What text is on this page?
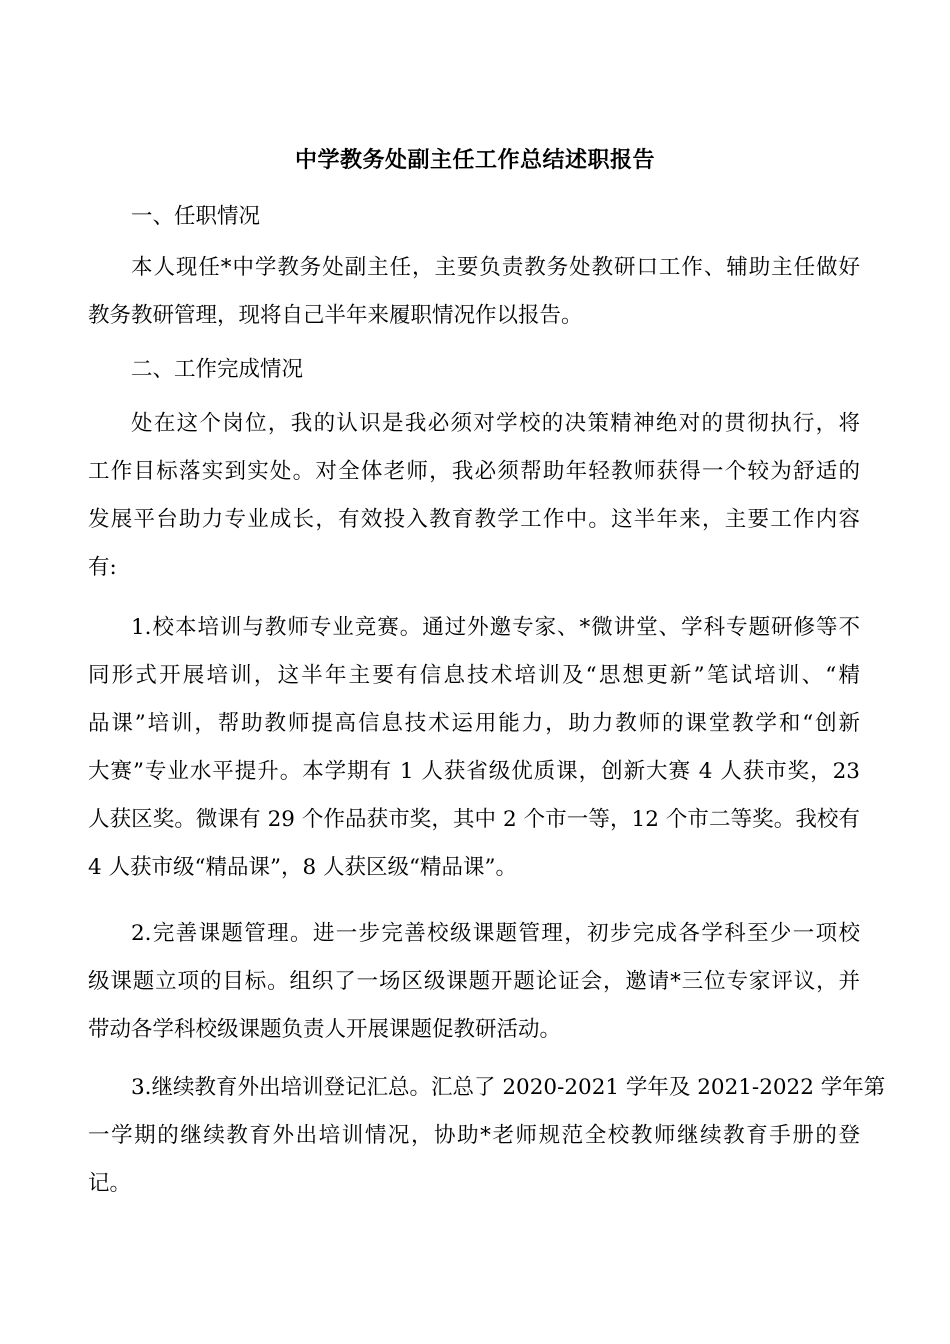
中学教务处副主任工作总结述职报告
一、任职情况
本人现任*中学教务处副主任，主要负责教务处教研口工作、辅助主任做好
教务教研管理，现将自己半年来履职情况作以报告。
二、工作完成情况
处在这个岗位，我的认识是我必须对学校的决策精神绝对的贯彻执行，将
工作目标落实到实处。对全体老师，我必须帮助年轻教师获得一个较为舒适的
发展平台助力专业成长，有效投入教育教学工作中。这半年来，主要工作内容
有:
1.校本培训与教师专业竞赛。通过外邀专家、*微讲堂、学科专题研修等不
同形式开展培训，这半年主要有信息技术培训及“思想更新”笔试培训、“精
品课”培训，帮助教师提高信息技术运用能力，助力教师的课堂教学和“创新
大赛”专业水平提升。本学期有 1 人获省级优质课，创新大赛 4 人获市奖，23
人获区奖。微课有 29 个作品获市奖，其中 2 个市一等，12 个市二等奖。我校有
4 人获市级“精品课”，8 人获区级“精品课”。
2.完善课题管理。进一步完善校级课题管理，初步完成各学科至少一项校
级课题立项的目标。组织了一场区级课题开题论证会，邀请*三位专家评议，并
带动各学科校级课题负责人开展课题促教研活动。
3.继续教育外出培训登记汇总。汇总了 2020-2021 学年及 2021-2022 学年第
一学期的继续教育外出培训情况，协助*老师规范全校教师继续教育手册的登
记。
